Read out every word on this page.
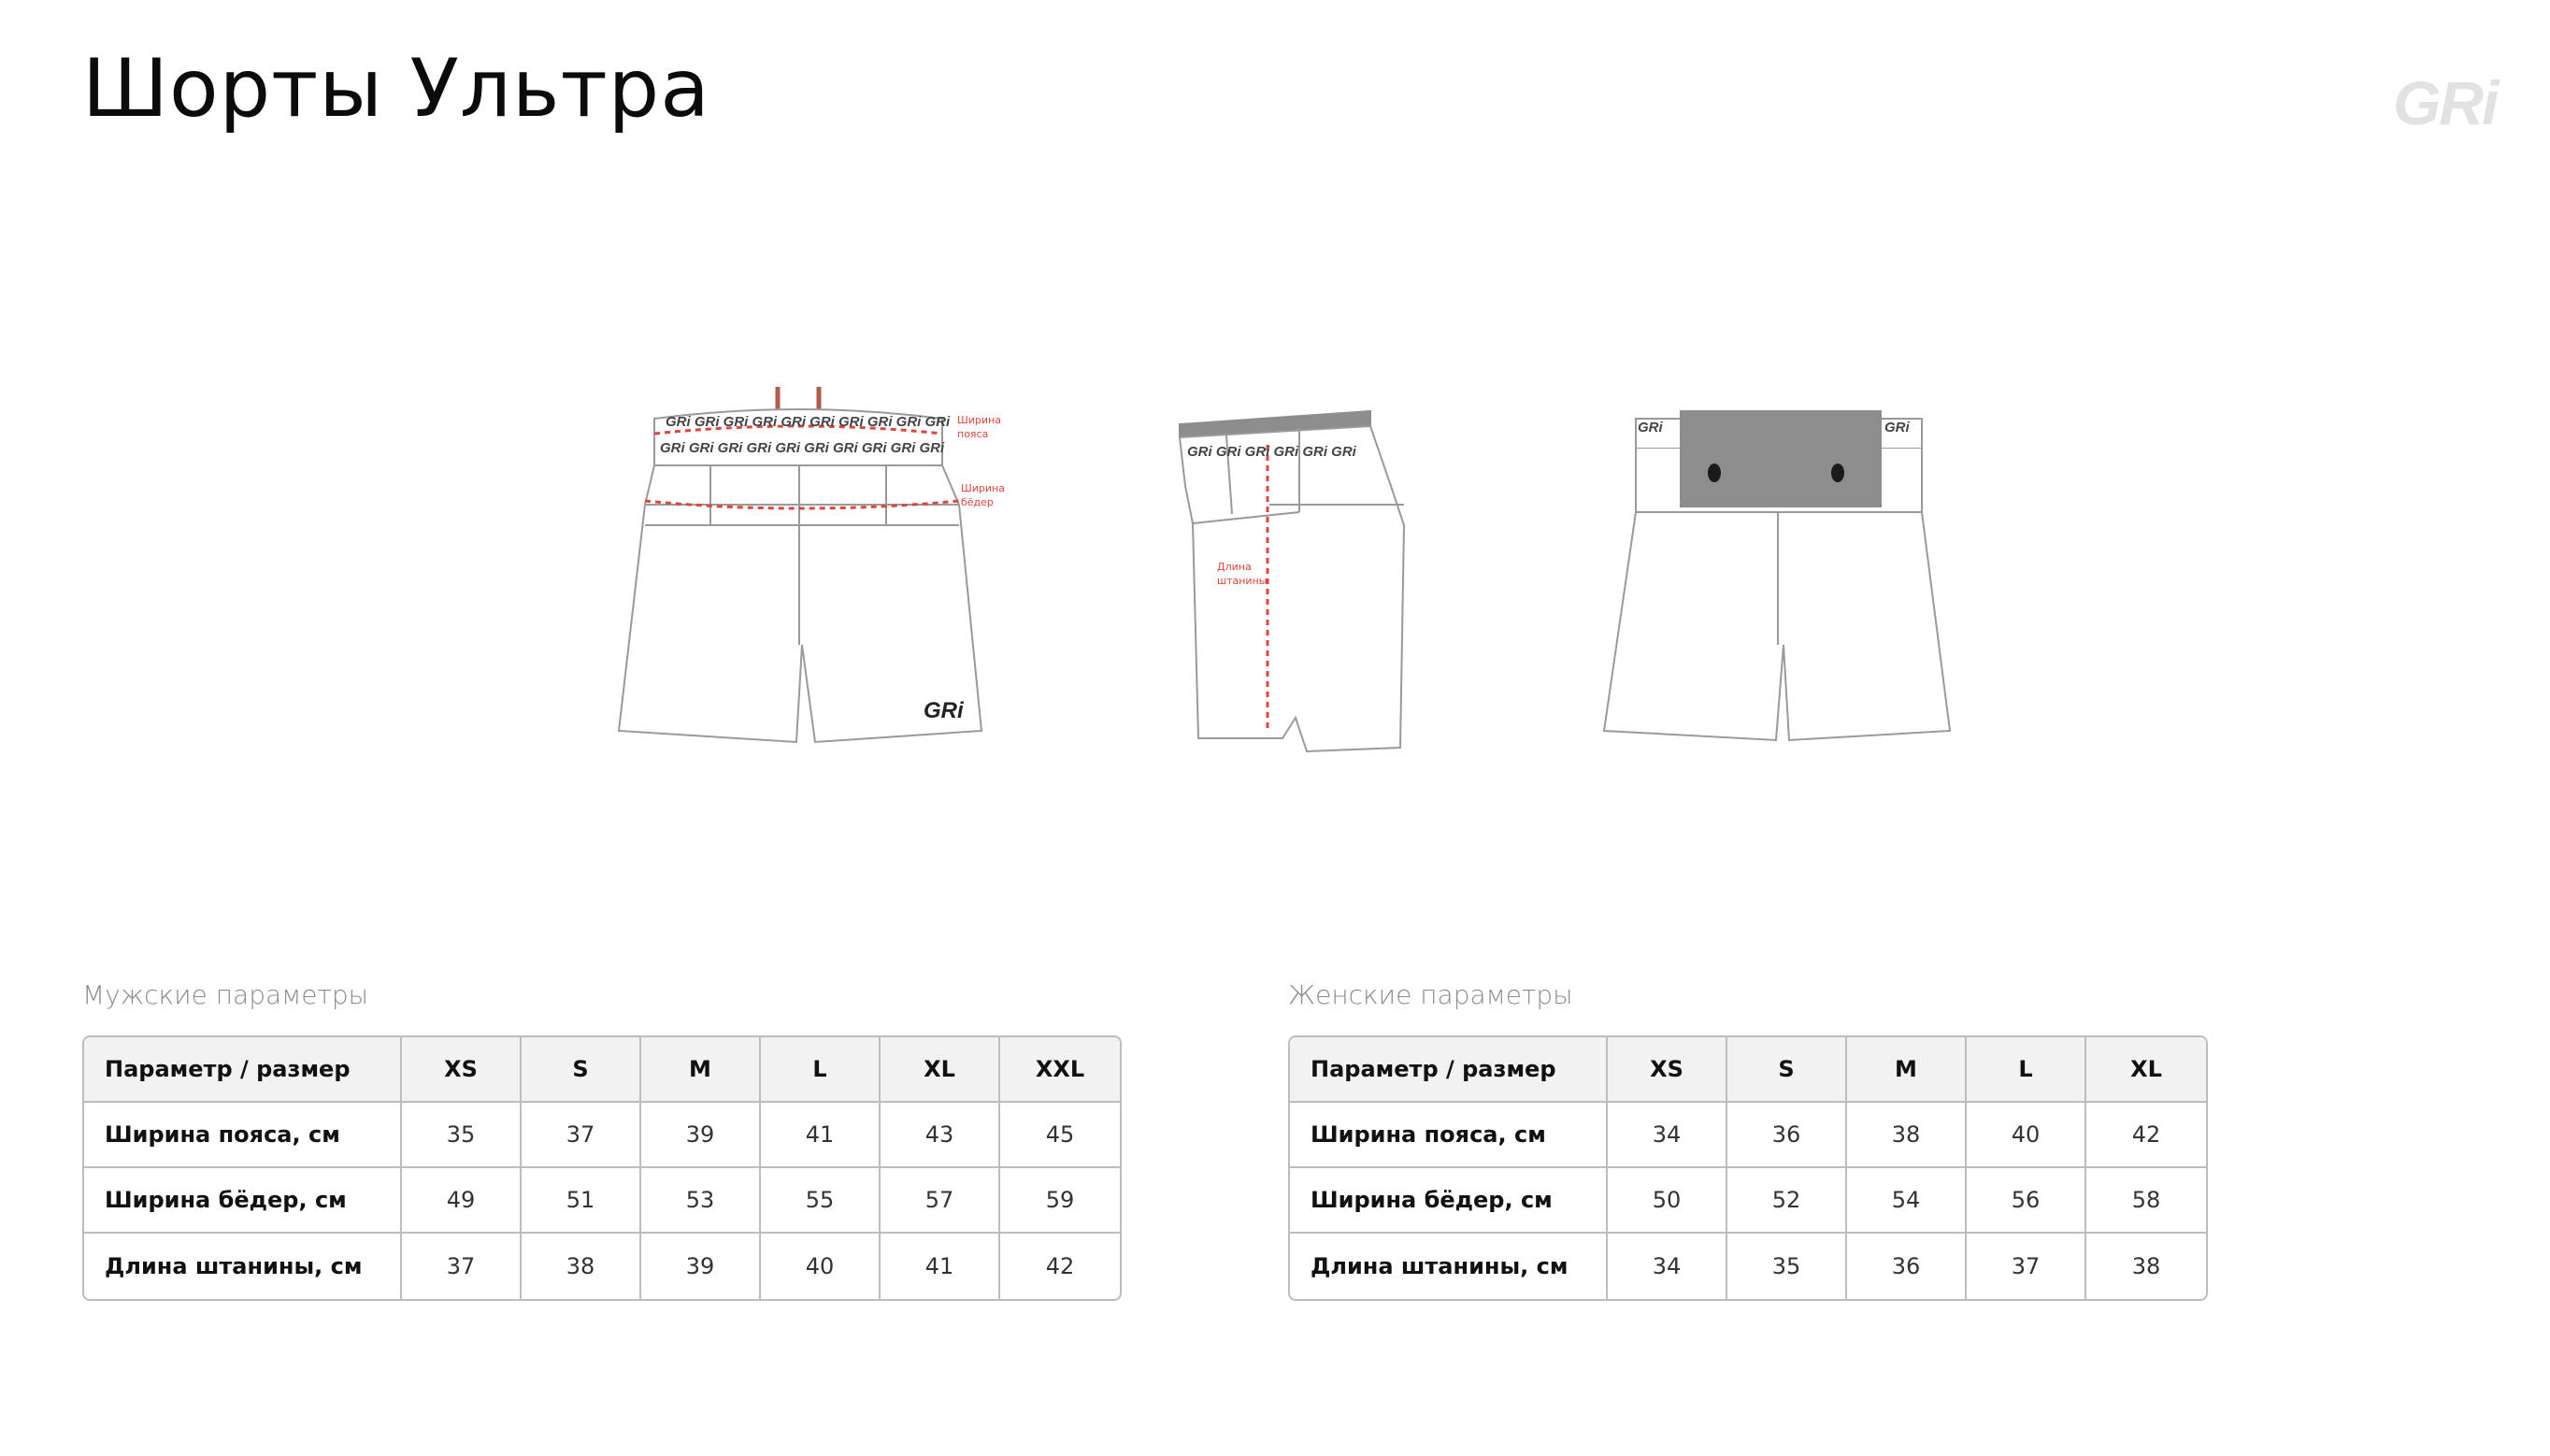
Шорты Ультра	GRi
GRi GRi GRi GRi GRi GRi GRi GRi GRi GRi
GRi GRi GRi GRi GRi GRi GRi GRi GRi GRi	GRi GRi GRi GRi GRi GRi
GRi	GRi
GRi
Ширина
пояса
Ширина
бёдер
Длина
штанины
Мужские параметры
Параметр / размер	XS	S	M	L	XL	XXL
Ширина пояса, см	35	37	39	41	43	45
Ширина бёдер, см	49	51	53	55	57	59
Длина штанины, см	37	38	39	40	41	42
Женские параметры
Параметр / размер	XS	S	M	L	XL
Ширина пояса, см	34	36	38	40	42
Ширина бёдер, см	50	52	54	56	58
Длина штанины, см	34	35	36	37	38
